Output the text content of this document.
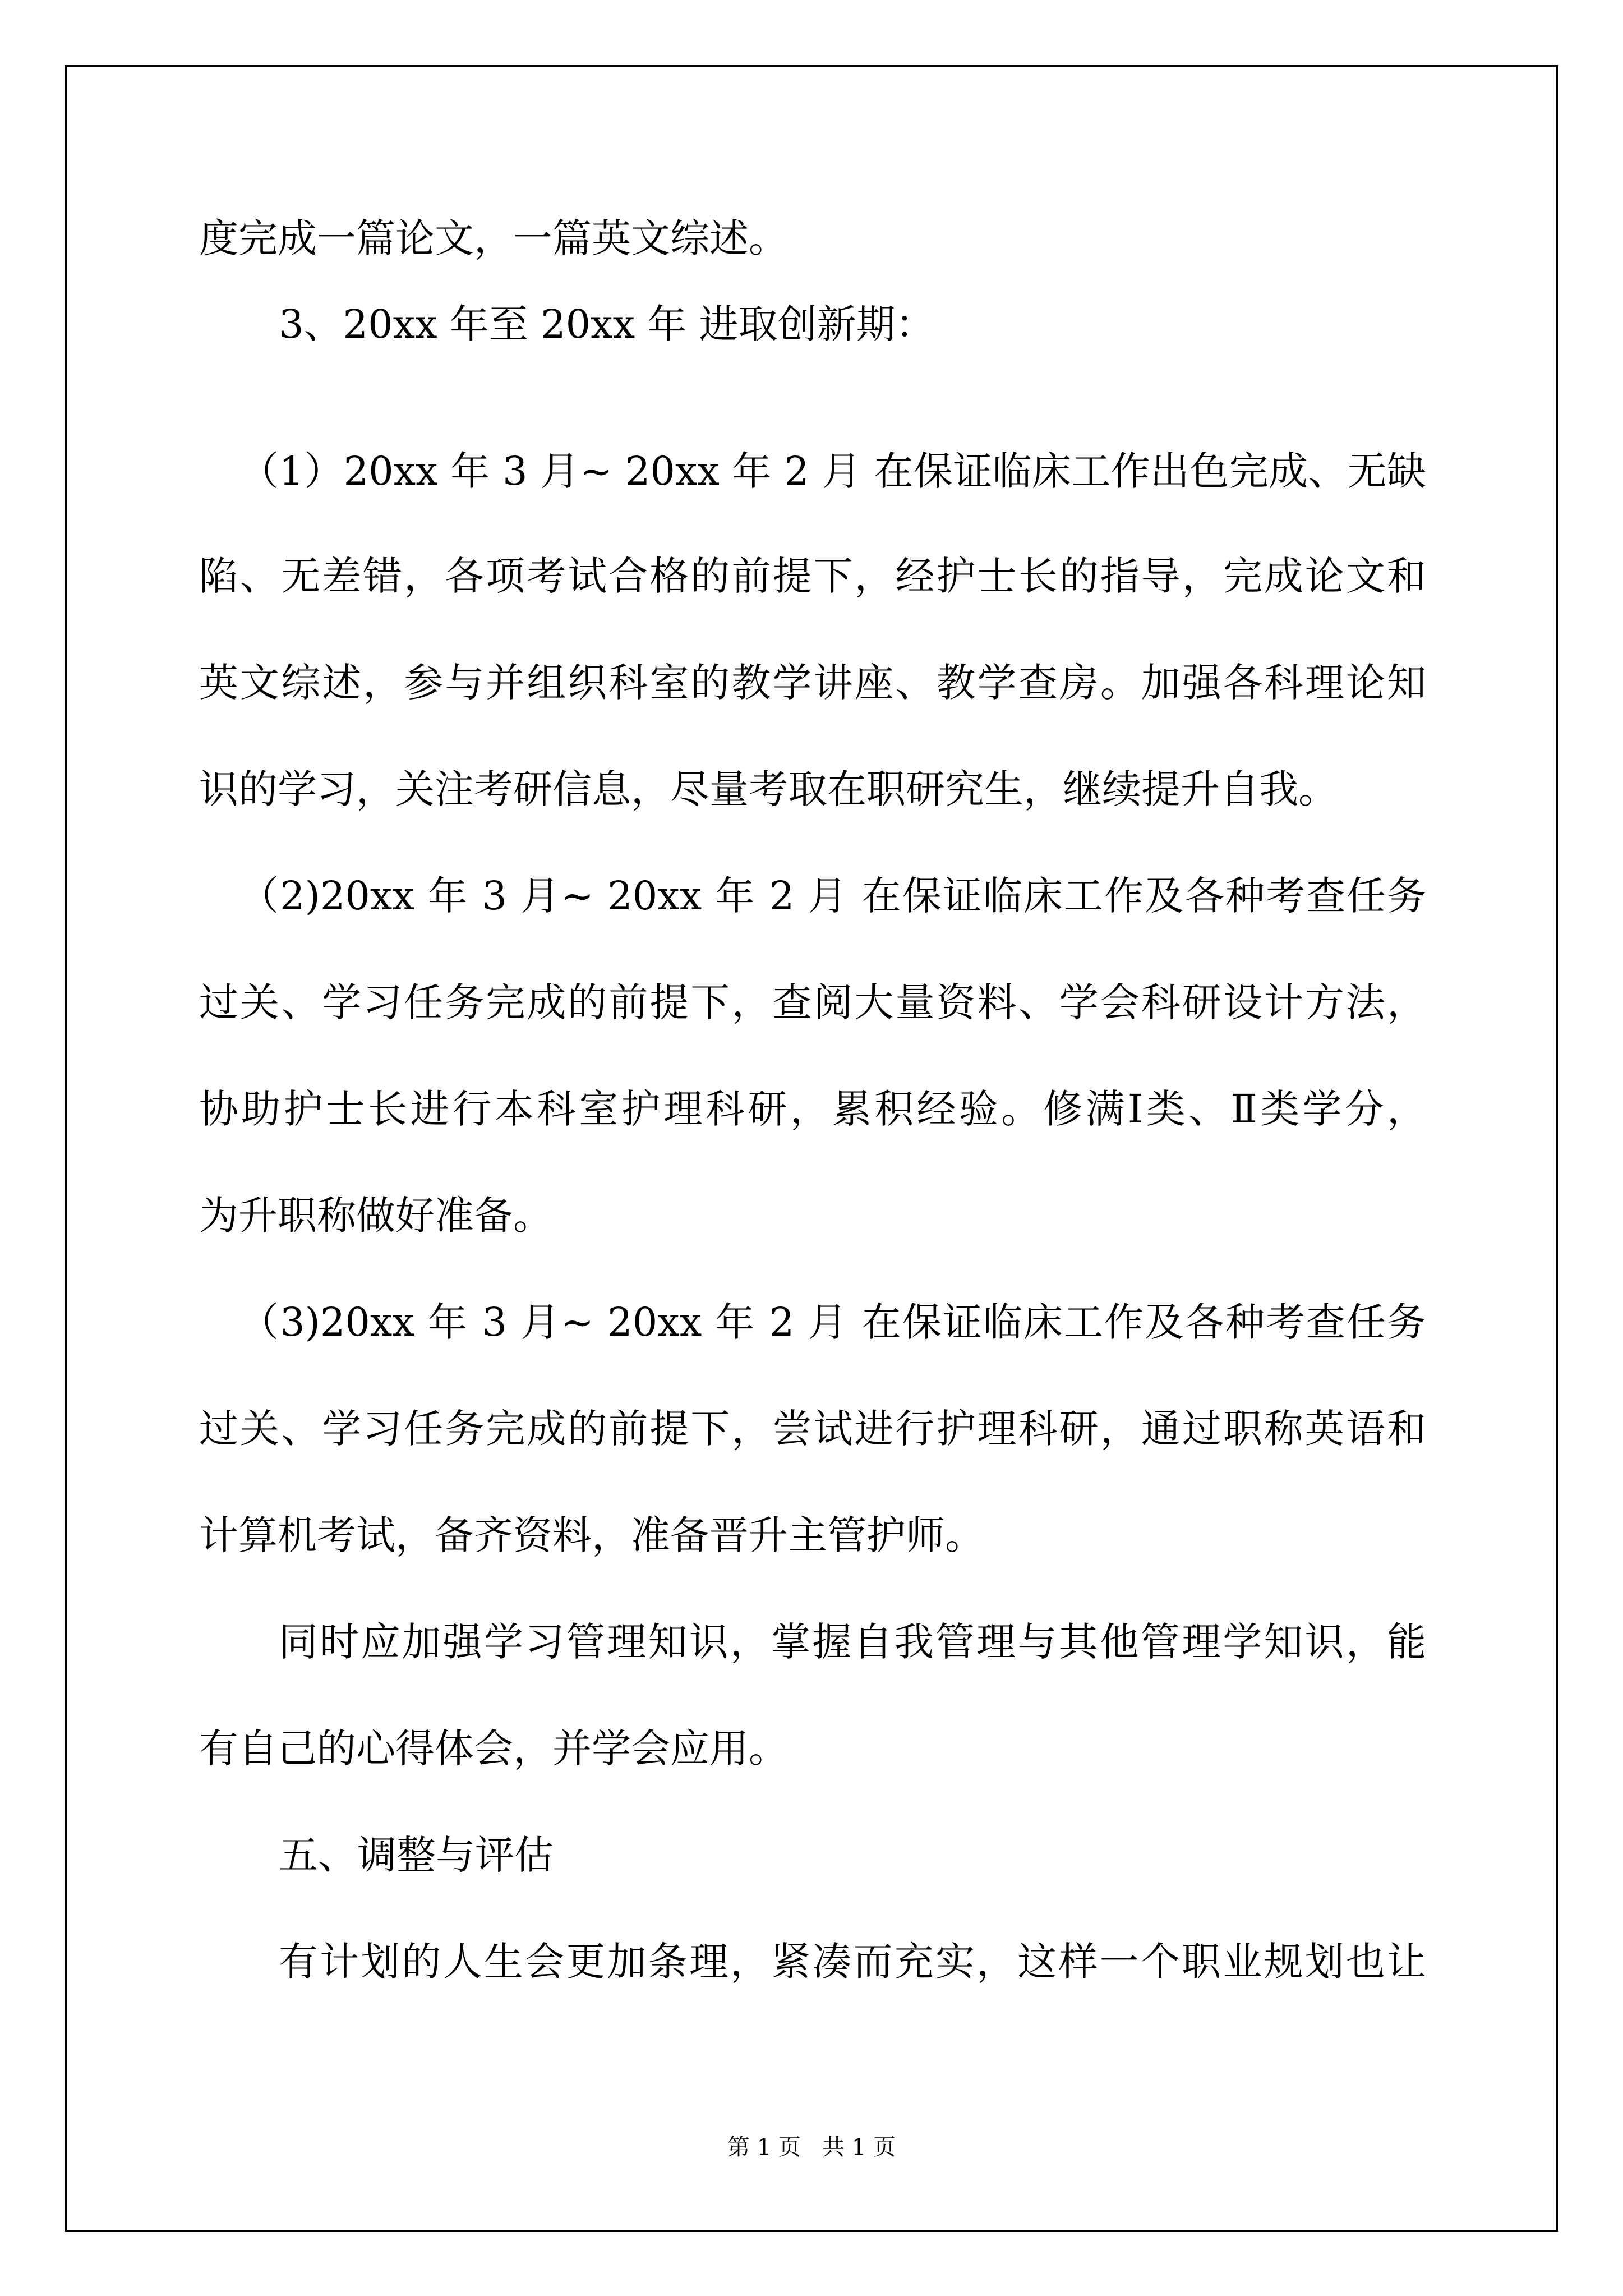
度完成一篇论文，一篇英文综述。

3、20xx 年至 20xx 年 进取创新期：

（1）20xx 年 3 月~ 20xx 年 2 月 在保证临床工作出色完成、无缺

陷、无差错，各项考试合格的前提下，经护士长的指导，完成论文和

英文综述，参与并组织科室的教学讲座、教学查房。加强各科理论知

识的学习，关注考研信息，尽量考取在职研究生，继续提升自我。

（2)20xx 年 3 月~ 20xx 年 2 月 在保证临床工作及各种考查任务

过关、学习任务完成的前提下，查阅大量资料、学会科研设计方法，

协助护士长进行本科室护理科研，累积经验。修满Ⅰ类、Ⅱ类学分，

为升职称做好准备。

（3)20xx 年 3 月~ 20xx 年 2 月 在保证临床工作及各种考查任务

过关、学习任务完成的前提下，尝试进行护理科研，通过职称英语和

计算机考试，备齐资料，准备晋升主管护师。

同时应加强学习管理知识，掌握自我管理与其他管理学知识，能

有自己的心得体会，并学会应用。

五、调整与评估

有计划的人生会更加条理，紧凑而充实，这样一个职业规划也让

第 1 页   共 1 页
